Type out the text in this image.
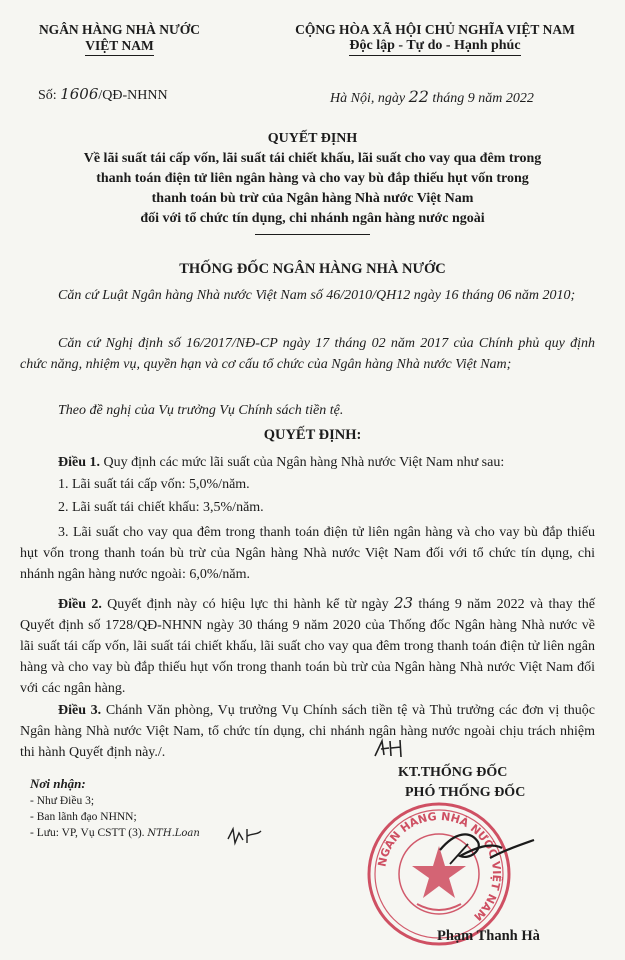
NGÂN HÀNG NHÀ NƯỚC
VIỆT NAM
CỘNG HÒA XÃ HỘI CHỦ NGHĨA VIỆT NAM
Độc lập - Tự do - Hạnh phúc
Số: 1606/QĐ-NHNN	Hà Nội, ngày 22 tháng 9 năm 2022
QUYẾT ĐỊNH
Về lãi suất tái cấp vốn, lãi suất tái chiết khấu, lãi suất cho vay qua đêm trong
thanh toán điện tử liên ngân hàng và cho vay bù đắp thiếu hụt vốn trong
thanh toán bù trừ của Ngân hàng Nhà nước Việt Nam
đối với tổ chức tín dụng, chi nhánh ngân hàng nước ngoài
THỐNG ĐỐC NGÂN HÀNG NHÀ NƯỚC
Căn cứ Luật Ngân hàng Nhà nước Việt Nam số 46/2010/QH12 ngày 16 tháng 06 năm 2010;
Căn cứ Nghị định số 16/2017/NĐ-CP ngày 17 tháng 02 năm 2017 của Chính phủ quy định chức năng, nhiệm vụ, quyền hạn và cơ cấu tổ chức của Ngân hàng Nhà nước Việt Nam;
Theo đề nghị của Vụ trưởng Vụ Chính sách tiền tệ.
QUYẾT ĐỊNH:
Điều 1. Quy định các mức lãi suất của Ngân hàng Nhà nước Việt Nam như sau:
1. Lãi suất tái cấp vốn: 5,0%/năm.
2. Lãi suất tái chiết khấu: 3,5%/năm.
3. Lãi suất cho vay qua đêm trong thanh toán điện tử liên ngân hàng và cho vay bù đắp thiếu hụt vốn trong thanh toán bù trừ của Ngân hàng Nhà nước Việt Nam đối với tổ chức tín dụng, chi nhánh ngân hàng nước ngoài: 6,0%/năm.
Điều 2. Quyết định này có hiệu lực thi hành kể từ ngày 23 tháng 9 năm 2022 và thay thế Quyết định số 1728/QĐ-NHNN ngày 30 tháng 9 năm 2020 của Thống đốc Ngân hàng Nhà nước về lãi suất tái cấp vốn, lãi suất tái chiết khấu, lãi suất cho vay qua đêm trong thanh toán điện tử liên ngân hàng và cho vay bù đắp thiếu hụt vốn trong thanh toán bù trừ của Ngân hàng Nhà nước Việt Nam đối với các ngân hàng.
Điều 3. Chánh Văn phòng, Vụ trưởng Vụ Chính sách tiền tệ và Thủ trưởng các đơn vị thuộc Ngân hàng Nhà nước Việt Nam, tổ chức tín dụng, chi nhánh ngân hàng nước ngoài chịu trách nhiệm thi hành Quyết định này./.
Nơi nhận:
- Như Điều 3;
- Ban lãnh đạo NHNN;
- Lưu: VP, Vụ CSTT (3). NTH.Loan
KT.THỐNG ĐỐC
PHÓ THỐNG ĐỐC
NGÂN HÀNG NHÀ NƯỚC VIỆT NAM
Phạm Thanh Hà
